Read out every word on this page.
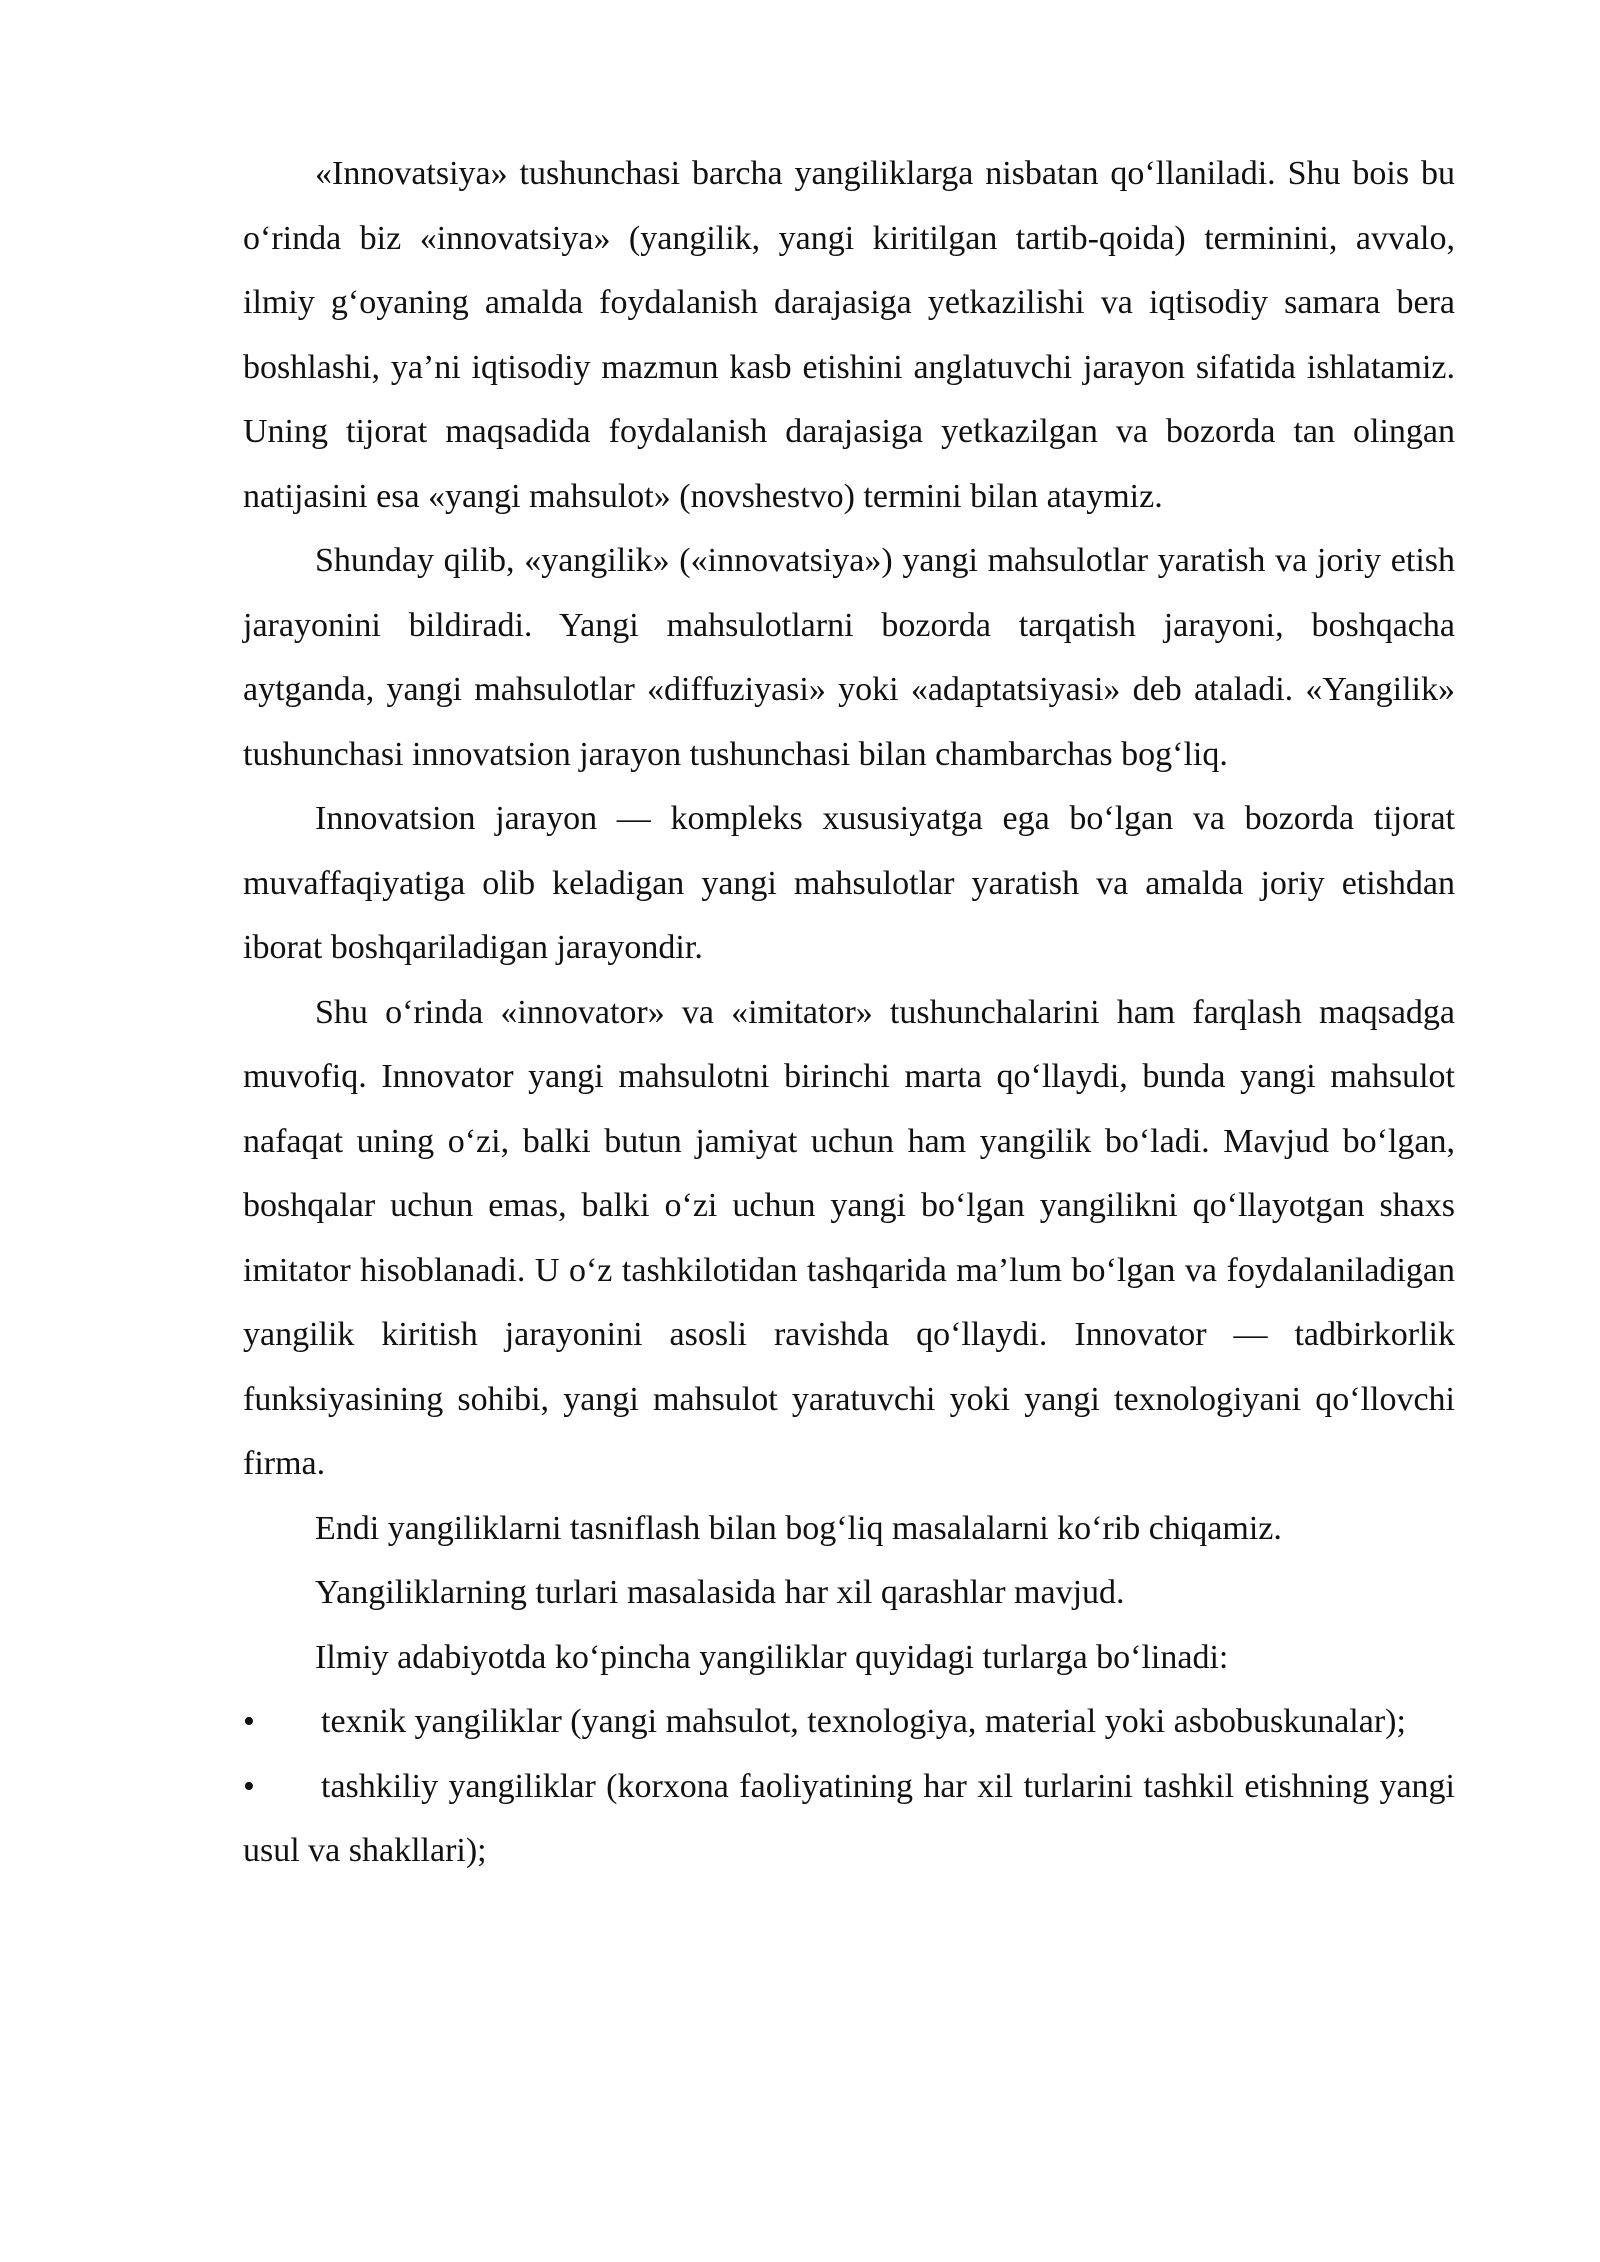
«Innovatsiya» tushunchasi barcha yangiliklarga nisbatan qo‘llaniladi. Shu bois bu o‘rinda biz «innovatsiya» (yangilik, yangi kiritilgan tartib-qoida) terminini, avvalo, ilmiy g‘oyaning amalda foydalanish darajasiga yetkazilishi va iqtisodiy samara bera boshlashi, ya’ni iqtisodiy mazmun kasb etishini anglatuvchi jarayon sifatida ishlatamiz. Uning tijorat maqsadida foydalanish darajasiga yetkazilgan va bozorda tan olingan natijasini esa «yangi mahsulot» (novshestvo) termini bilan ataymiz.

Shunday qilib, «yangilik» («innovatsiya») yangi mahsulotlar yaratish va joriy etish jarayonini bildiradi. Yangi mahsulotlarni bozorda tarqatish jarayoni, boshqacha aytganda, yangi mahsulotlar «diffuziyasi» yoki «adaptatsiyasi» deb ataladi. «Yangilik» tushunchasi innovatsion jarayon tushunchasi bilan chambarchas bog‘liq.

Innovatsion jarayon — kompleks xususiyatga ega bo‘lgan va bozorda tijorat muvaffaqiyatiga olib keladigan yangi mahsulotlar yaratish va amalda joriy etishdan iborat boshqariladigan jarayondir.

Shu o‘rinda «innovator» va «imitator» tushunchalarini ham farqlash maqsadga muvofiq. Innovator yangi mahsulotni birinchi marta qo‘llaydi, bunda yangi mahsulot nafaqat uning o‘zi, balki butun jamiyat uchun ham yangilik bo‘ladi. Mavjud bo‘lgan, boshqalar uchun emas, balki o‘zi uchun yangi bo‘lgan yangilikni qo‘llayotgan shaxs imitator hisoblanadi. U o‘z tashkilotidan tashqarida ma’lum bo‘lgan va foydalaniladigan yangilik kiritish jarayonini asosli ravishda qo‘llaydi. Innovator — tadbirkorlik funksiyasining sohibi, yangi mahsulot yaratuvchi yoki yangi texnologiyani qo‘llovchi firma.

Endi yangiliklarni tasniflash bilan bog‘liq masalalarni ko‘rib chiqamiz.

Yangiliklarning turlari masalasida har xil qarashlar mavjud.

Ilmiy adabiyotda ko‘pincha yangiliklar quyidagi turlarga bo‘linadi:

• texnik yangiliklar (yangi mahsulot, texnologiya, material yoki asbobuskunalar);

• tashkiliy yangiliklar (korxona faoliyatining har xil turlarini tashkil etishning yangi usul va shakllari);
